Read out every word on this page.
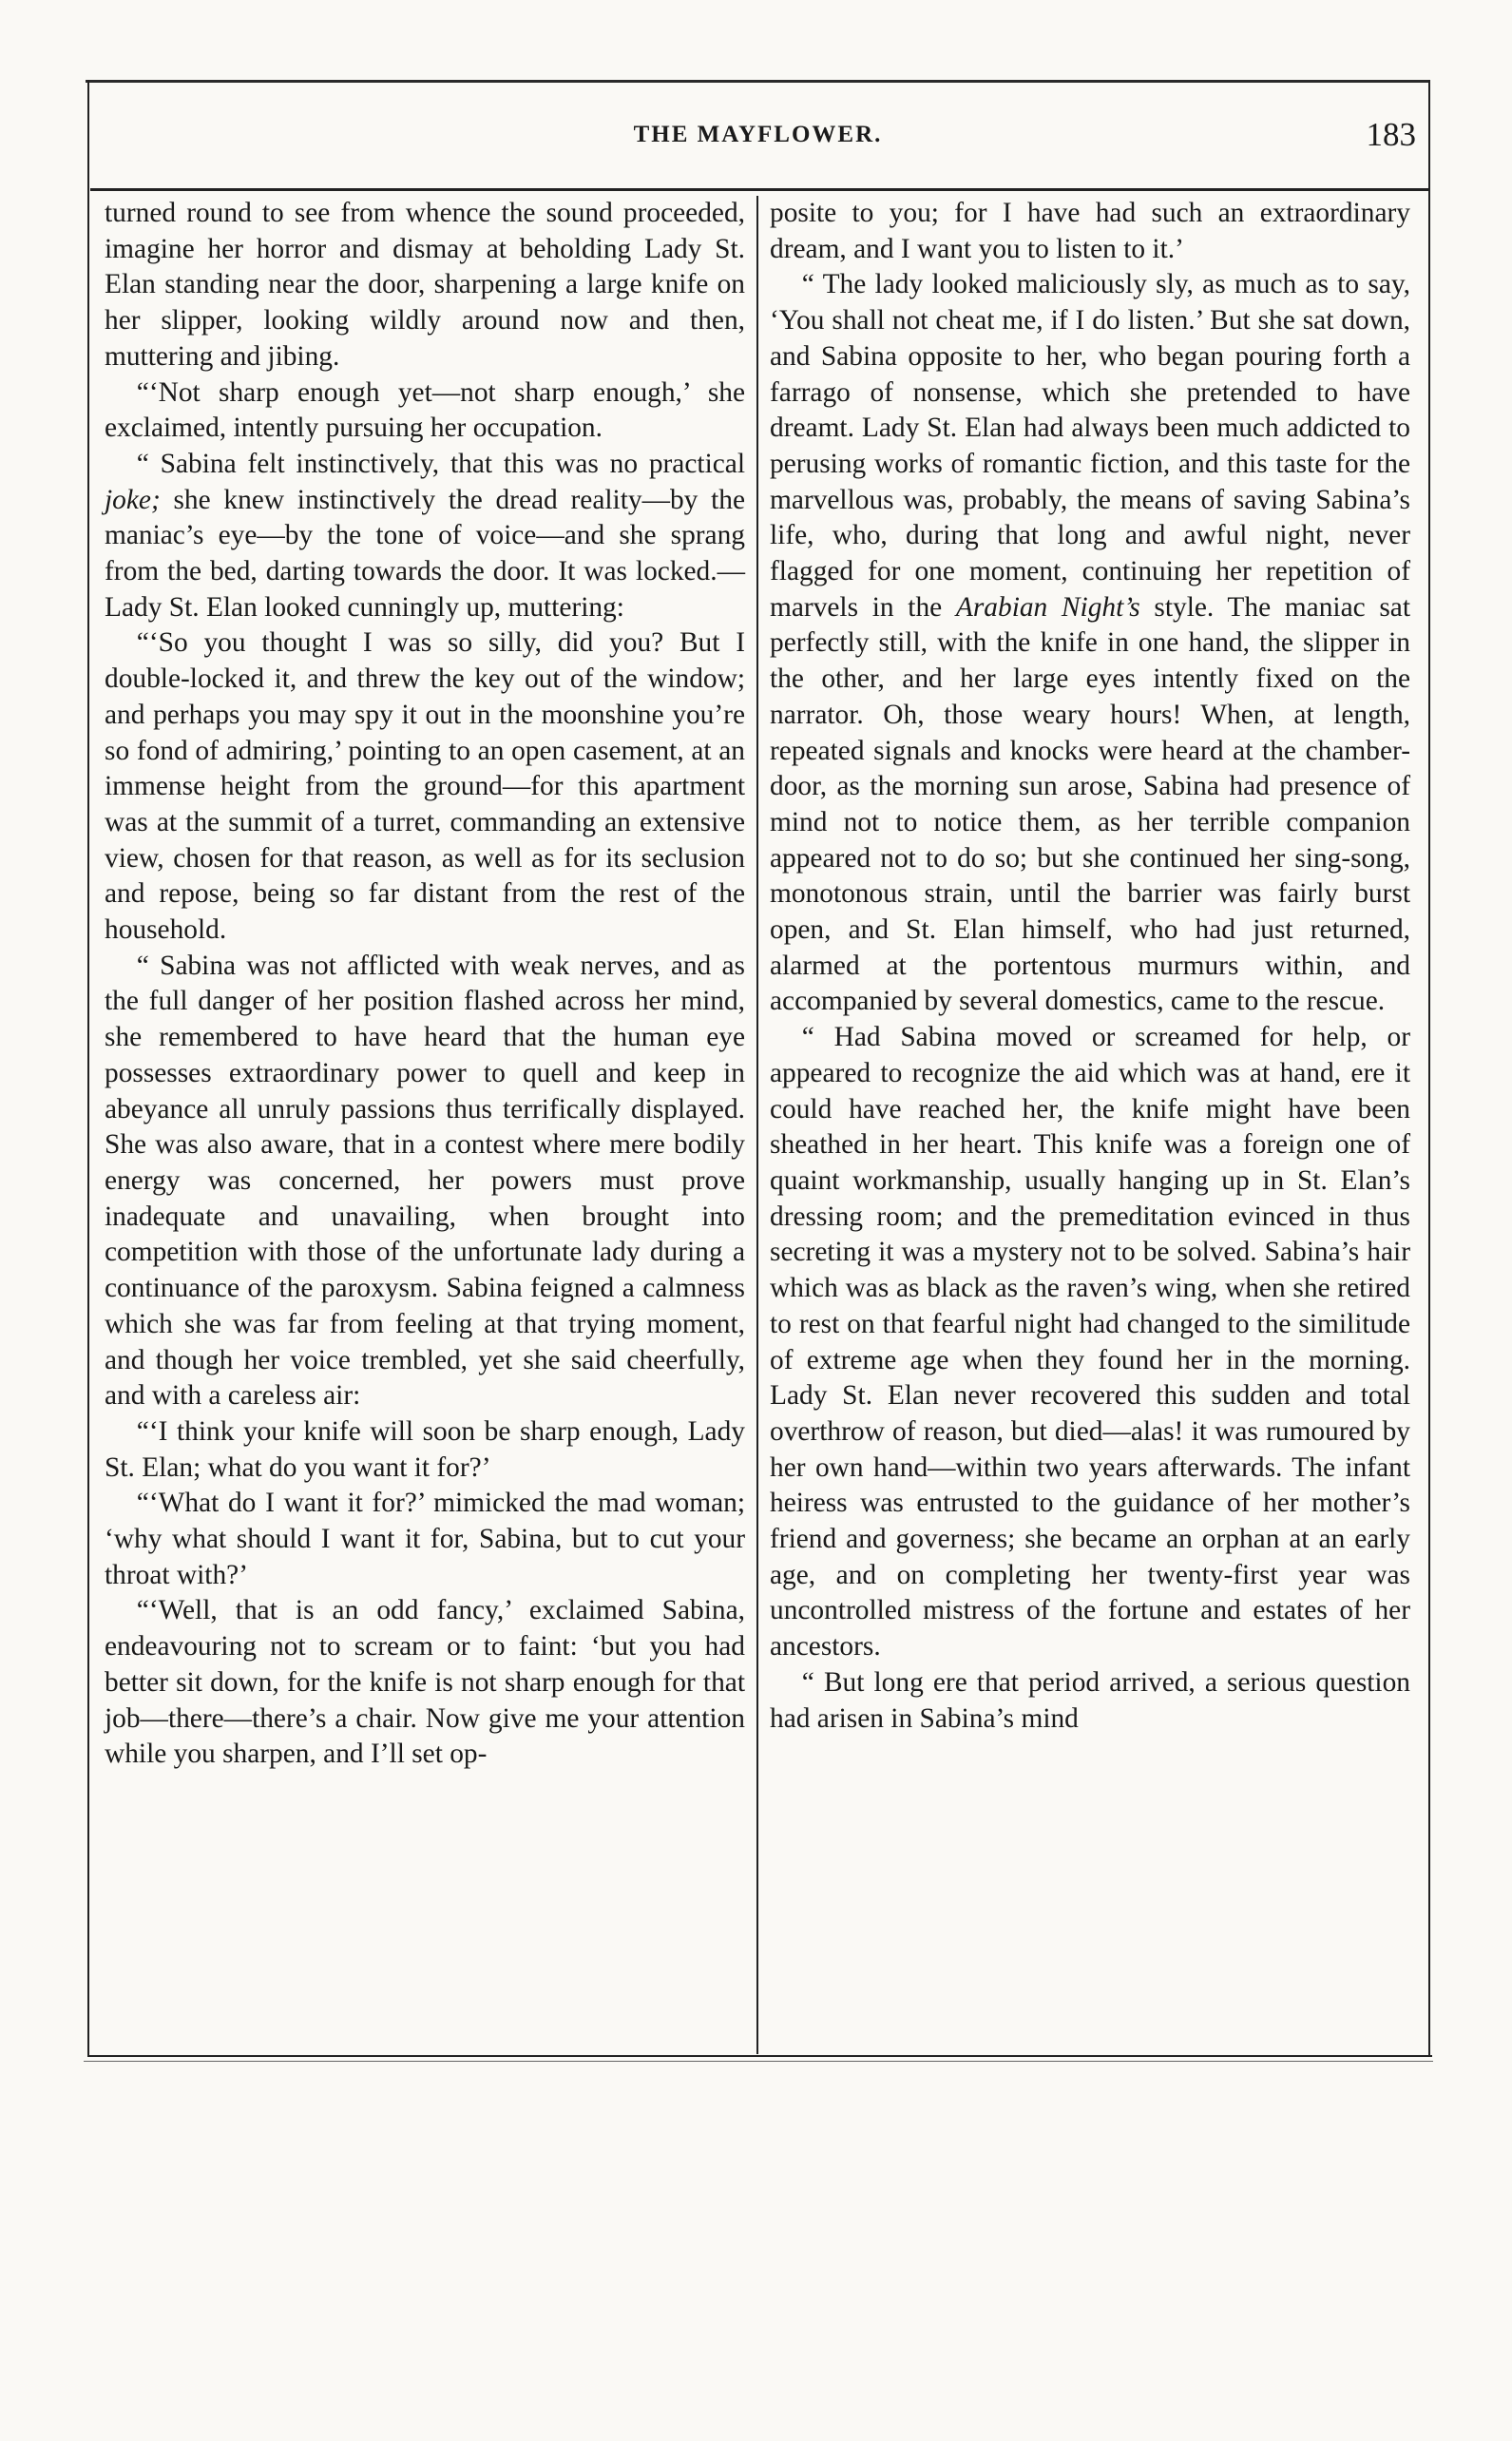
THE MAYFLOWER.	183

turned round to see from whence the sound proceeded, imagine her horror and dismay at beholding Lady St. Elan standing near the door, sharpening a large knife on her slipper, looking wildly around now and then, muttering and jibing.

“‘Not sharp enough yet—not sharp enough,’ she exclaimed, intently pursuing her occupation.

“ Sabina felt instinctively, that this was no practical joke; she knew instinctively the dread reality—by the maniac’s eye—by the tone of voice—and she sprang from the bed, darting towards the door. It was locked.— Lady St. Elan looked cunningly up, muttering:

“‘So you thought I was so silly, did you? But I double-locked it, and threw the key out of the window; and perhaps you may spy it out in the moonshine you’re so fond of admiring,’ pointing to an open casement, at an immense height from the ground—for this apartment was at the summit of a turret, commanding an extensive view, chosen for that reason, as well as for its seclusion and repose, being so far distant from the rest of the household.

“ Sabina was not afflicted with weak nerves, and as the full danger of her position flashed across her mind, she remembered to have heard that the human eye possesses extraordinary power to quell and keep in abeyance all unruly passions thus terrifically displayed. She was also aware, that in a contest where mere bodily energy was concerned, her powers must prove inadequate and unavailing, when brought into competition with those of the unfortunate lady during a continuance of the paroxysm. Sabina feigned a calmness which she was far from feeling at that trying moment, and though her voice trembled, yet she said cheerfully, and with a careless air:

“‘I think your knife will soon be sharp enough, Lady St. Elan; what do you want it for?’

“‘What do I want it for?’ mimicked the mad woman; ‘why what should I want it for, Sabina, but to cut your throat with?’

“‘Well, that is an odd fancy,’ exclaimed Sabina, endeavouring not to scream or to faint: ‘but you had better sit down, for the knife is not sharp enough for that job—there—there’s a chair. Now give me your attention while you sharpen, and I’ll set op-

posite to you; for I have had such an extraordinary dream, and I want you to listen to it.’

“ The lady looked maliciously sly, as much as to say, ‘You shall not cheat me, if I do listen.’ But she sat down, and Sabina opposite to her, who began pouring forth a farrago of nonsense, which she pretended to have dreamt. Lady St. Elan had always been much addicted to perusing works of romantic fiction, and this taste for the marvellous was, probably, the means of saving Sabina’s life, who, during that long and awful night, never flagged for one moment, continuing her repetition of marvels in the Arabian Night’s style. The maniac sat perfectly still, with the knife in one hand, the slipper in the other, and her large eyes intently fixed on the narrator. Oh, those weary hours! When, at length, repeated signals and knocks were heard at the chamber-door, as the morning sun arose, Sabina had presence of mind not to notice them, as her terrible companion appeared not to do so; but she continued her sing-song, monotonous strain, until the barrier was fairly burst open, and St. Elan himself, who had just returned, alarmed at the portentous murmurs within, and accompanied by several domestics, came to the rescue.

“ Had Sabina moved or screamed for help, or appeared to recognize the aid which was at hand, ere it could have reached her, the knife might have been sheathed in her heart. This knife was a foreign one of quaint workmanship, usually hanging up in St. Elan’s dressing room; and the premeditation evinced in thus secreting it was a mystery not to be solved. Sabina’s hair which was as black as the raven’s wing, when she retired to rest on that fearful night had changed to the similitude of extreme age when they found her in the morning. Lady St. Elan never recovered this sudden and total overthrow of reason, but died—alas! it was rumoured by her own hand—within two years afterwards. The infant heiress was entrusted to the guidance of her mother’s friend and governess; she became an orphan at an early age, and on completing her twenty-first year was uncontrolled mistress of the fortune and estates of her ancestors.

“ But long ere that period arrived, a serious question had arisen in Sabina’s mind
